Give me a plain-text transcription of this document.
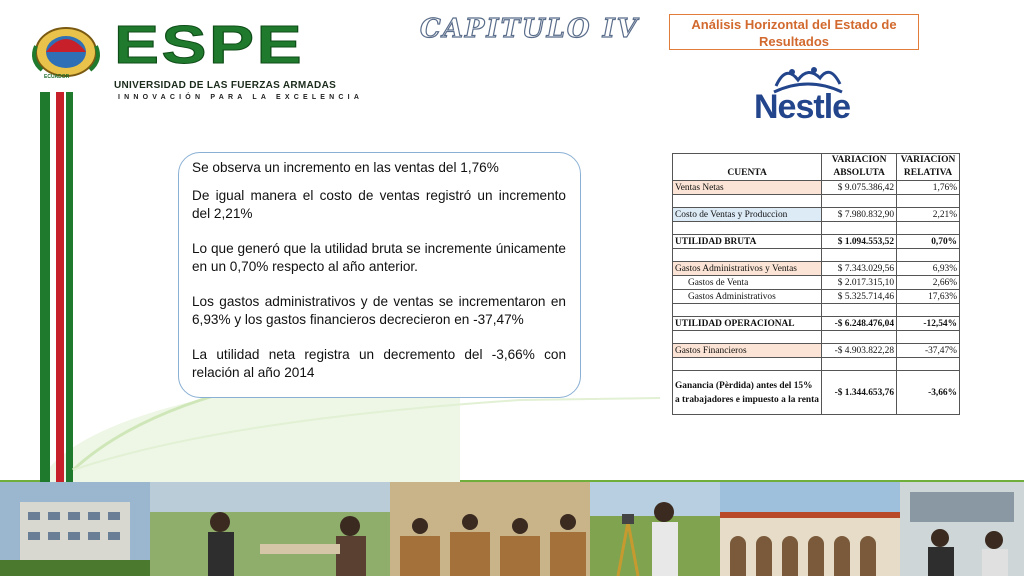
ECUADOR
ESPE
UNIVERSIDAD DE LAS FUERZAS ARMADAS
INNOVACIÓN PARA LA EXCELENCIA
CAPITULO IV	Análisis Horizontal del Estado de Resultados
Nestle

Se observa un incremento en las ventas del 1,76%

De igual manera el costo de ventas registró un incremento del 2,21%

Lo que generó que la utilidad bruta se incremente únicamente en un 0,70% respecto al año anterior.

Los gastos administrativos y de ventas se incrementaron en 6,93% y los gastos financieros decrecieron en -37,47%

La utilidad neta registra un decremento del -3,66% con relación al año 2014

CUENTA	VARIACION ABSOLUTA	VARIACION RELATIVA
Ventas Netas	$ 9.075.386,42	1,76%

Costo de Ventas y Produccìon	$ 7.980.832,90	2,21%

UTILIDAD BRUTA	$ 1.094.553,52	0,70%

Gastos Administrativos y Ventas	$ 7.343.029,56	6,93%
Gastos de Venta	$ 2.017.315,10	2,66%
Gastos Administrativos	$ 5.325.714,46	17,63%

UTILIDAD OPERACIONAL	-$ 6.248.476,04	-12,54%

Gastos Financieros	-$ 4.903.822,28	-37,47%

Ganancia (Pèrdida) antes del 15% a trabajadores e impuesto a la renta	-$ 1.344.653,76	-3,66%
